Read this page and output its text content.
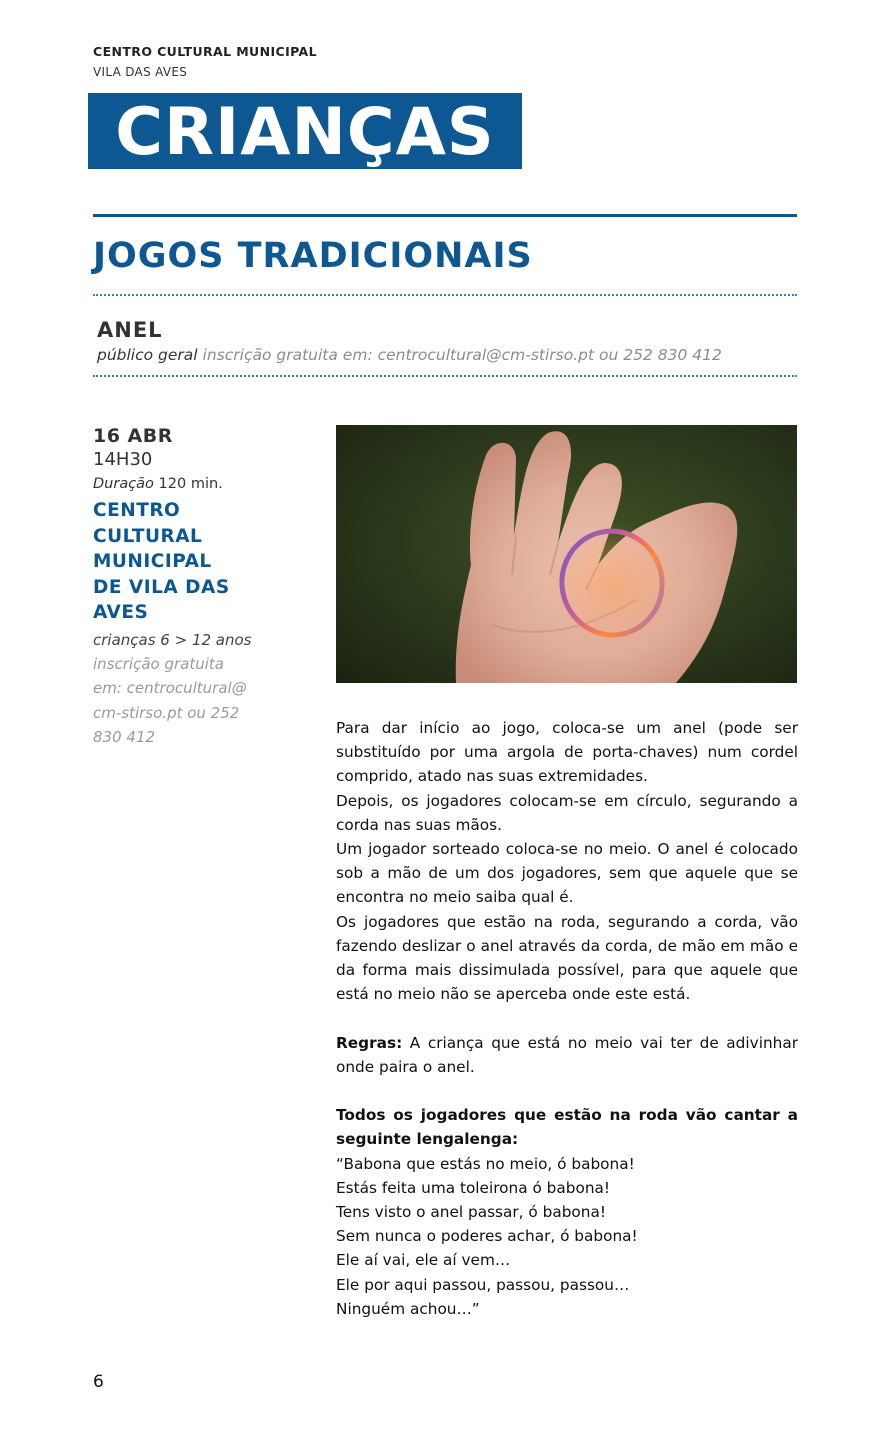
CENTRO CULTURAL MUNICIPAL
VILA DAS AVES
CRIANÇAS
JOGOS TRADICIONAIS
ANEL
público geral inscrição gratuita em: centrocultural@cm-stirso.pt ou 252 830 412
16 ABR
14H30
Duração 120 min.
CENTRO
CULTURAL
MUNICIPAL
DE VILA DAS
AVES
crianças 6 > 12 anos
inscrição gratuita
em: centrocultural@
cm-stirso.pt ou 252
830 412	Para dar início ao jogo, coloca-se um anel (pode ser substituído por uma argola de porta-chaves) num cordel comprido, atado nas suas extremidades.

Depois, os jogadores colocam-se em círculo, segurando a corda nas suas mãos.

Um jogador sorteado coloca-se no meio. O anel é colocado sob a mão de um dos jogadores, sem que aquele que se encontra no meio saiba qual é.

Os jogadores que estão na roda, segurando a corda, vão fazendo deslizar o anel através da corda, de mão em mão e da forma mais dissimulada possível, para que aquele que está no meio não se aperceba onde este está.

Regras: A criança que está no meio vai ter de adivinhar onde paira o anel.

Todos os jogadores que estão na roda vão cantar a seguinte lengalenga:

“Babona que estás no meio, ó babona!

Estás feita uma toleirona ó babona!

Tens visto o anel passar, ó babona!

Sem nunca o poderes achar, ó babona!

Ele aí vai, ele aí vem…

Ele por aqui passou, passou, passou…

Ninguém achou…”

6
